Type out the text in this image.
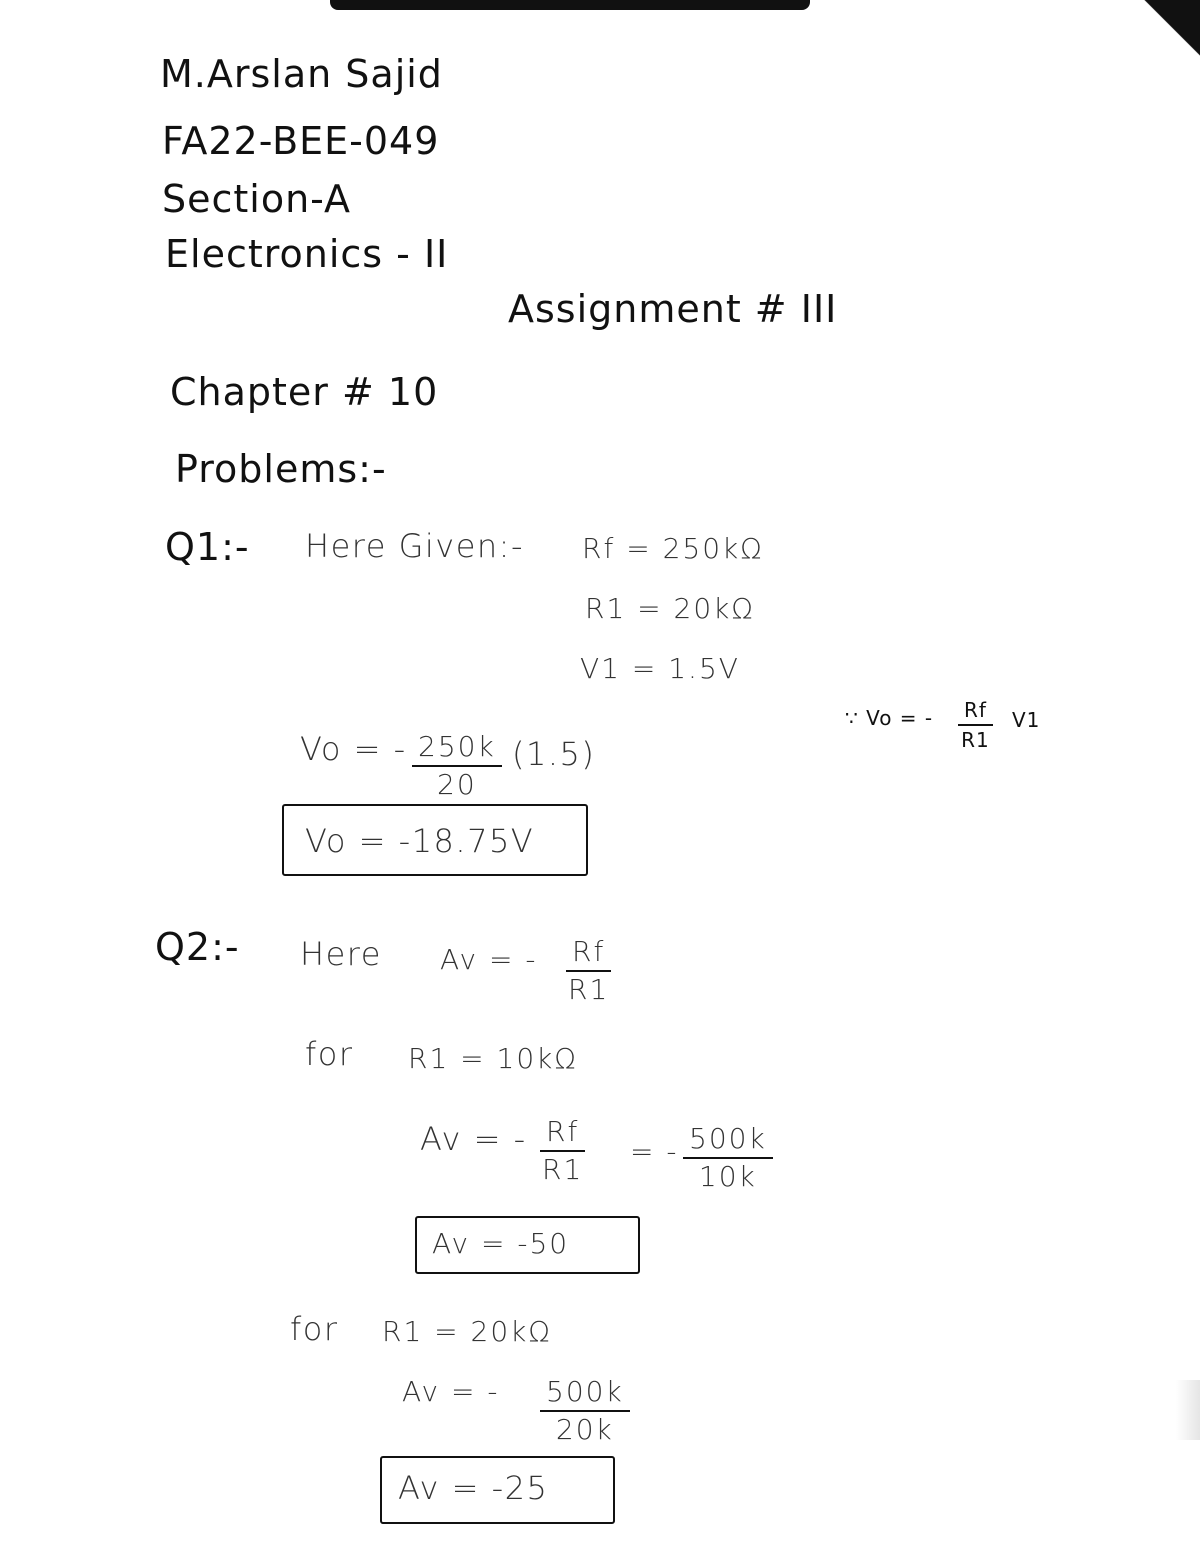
M.Arslan Sajid
FA22-BEE-049
Section-A
Electronics - II
Assignment # III
Chapter # 10
Problems:-
Q1:- Here Given:- Rf = 250kΩ
R1 = 20kΩ
V1 = 1.5V
∵ Vo = - $\frac{Rf}{R1} V1$
Vo = - $\frac{250k}{20} (1.5)$
Vo = -18.75V
Q2:- Here Av = - $\frac{Rf}{R1}$
for R1 = 10kΩ
Av = - $\frac{Rf}{R1}$ = - $\frac{500k}{10k}$
Av = -50
for R1 = 20kΩ
Av = - $\frac{500k}{20k}$
Av = -25
